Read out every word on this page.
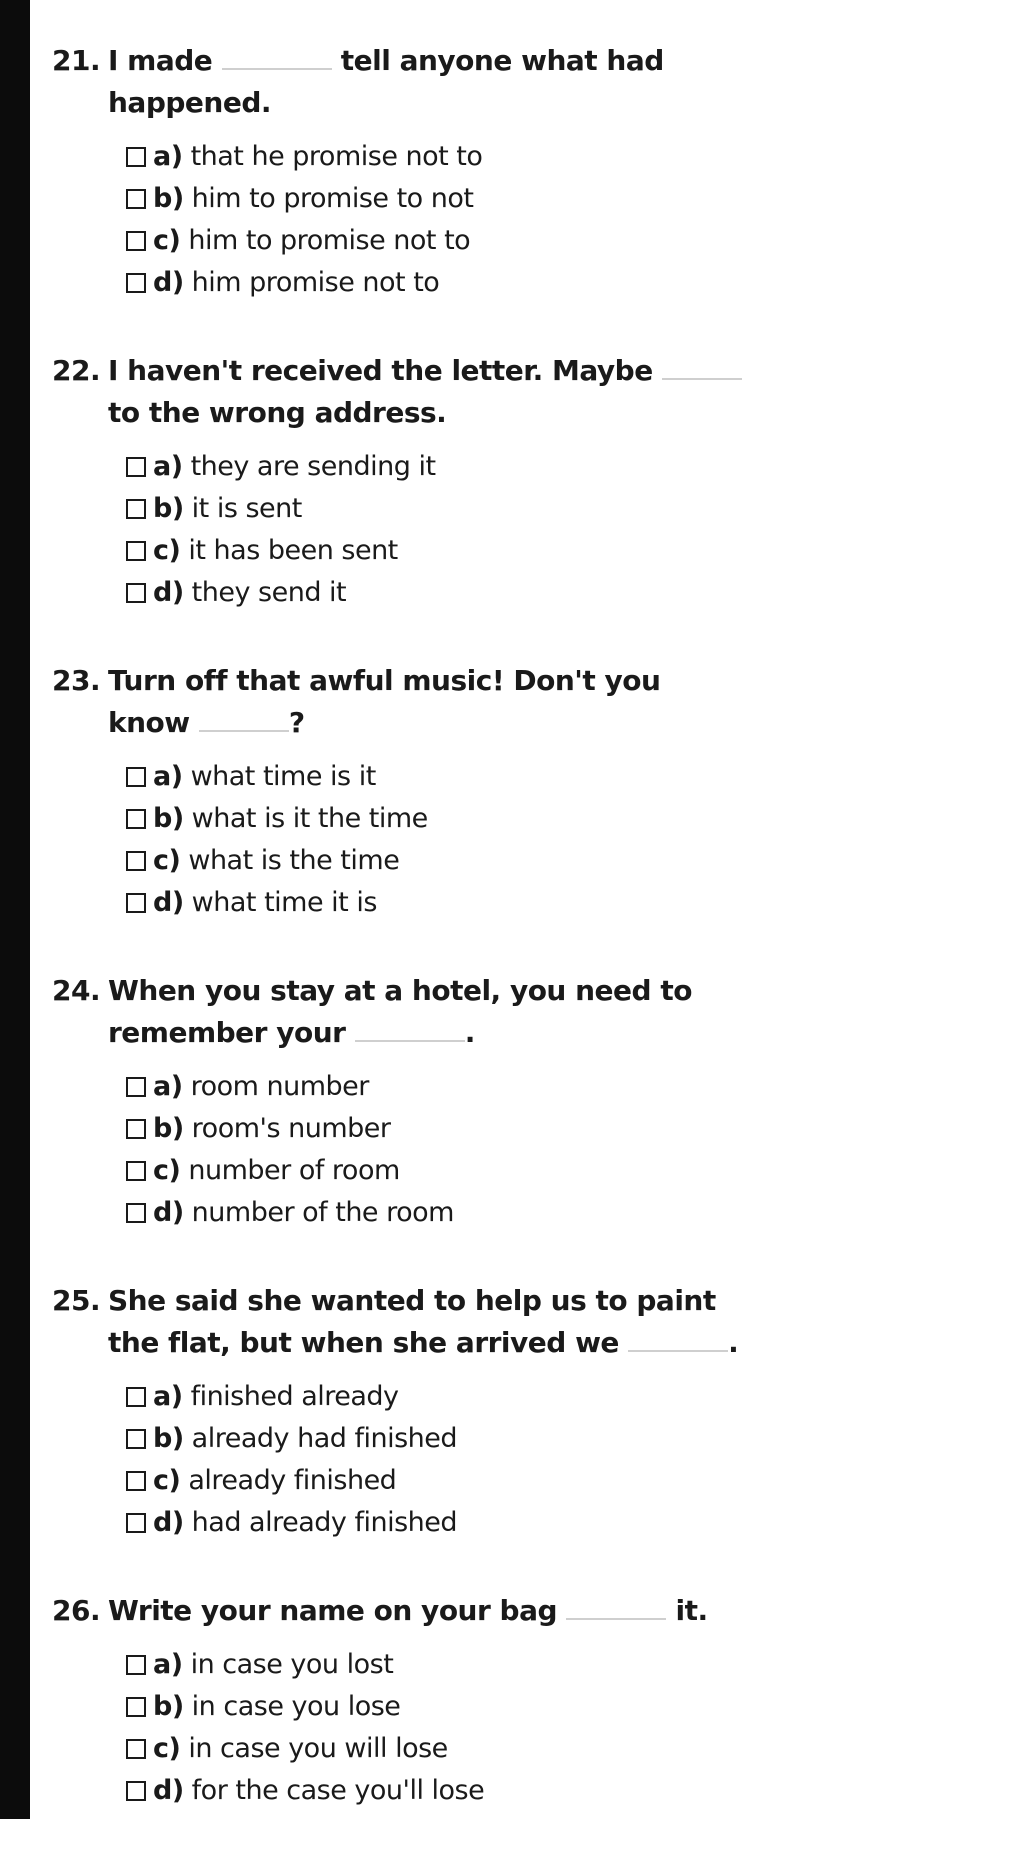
21. I made	tell anyone what had happened.
a) that he promise not to
b) him to promise to not
c) him to promise not to
d) him promise not to
22. I haven't received the letter. Maybe  to the wrong address.
a) they are sending it
b) it is sent
c) it has been sent
d) they send it
23. Turn off that awful music! Don't you know	?
a) what time is it
b) what is it the time
c) what is the time
d) what time it is
24. When you stay at a hotel, you need to remember your	.
a) room number
b) room's number
c) number of room
d) number of the room
25. She said she wanted to help us to paint the flat, but when she arrived we	.
a) finished already
b) already had finished
c) already finished
d) had already finished
26. Write your name on your bag	it.
a) in case you lost
b) in case you lose
c) in case you will lose
d) for the case you'll lose
